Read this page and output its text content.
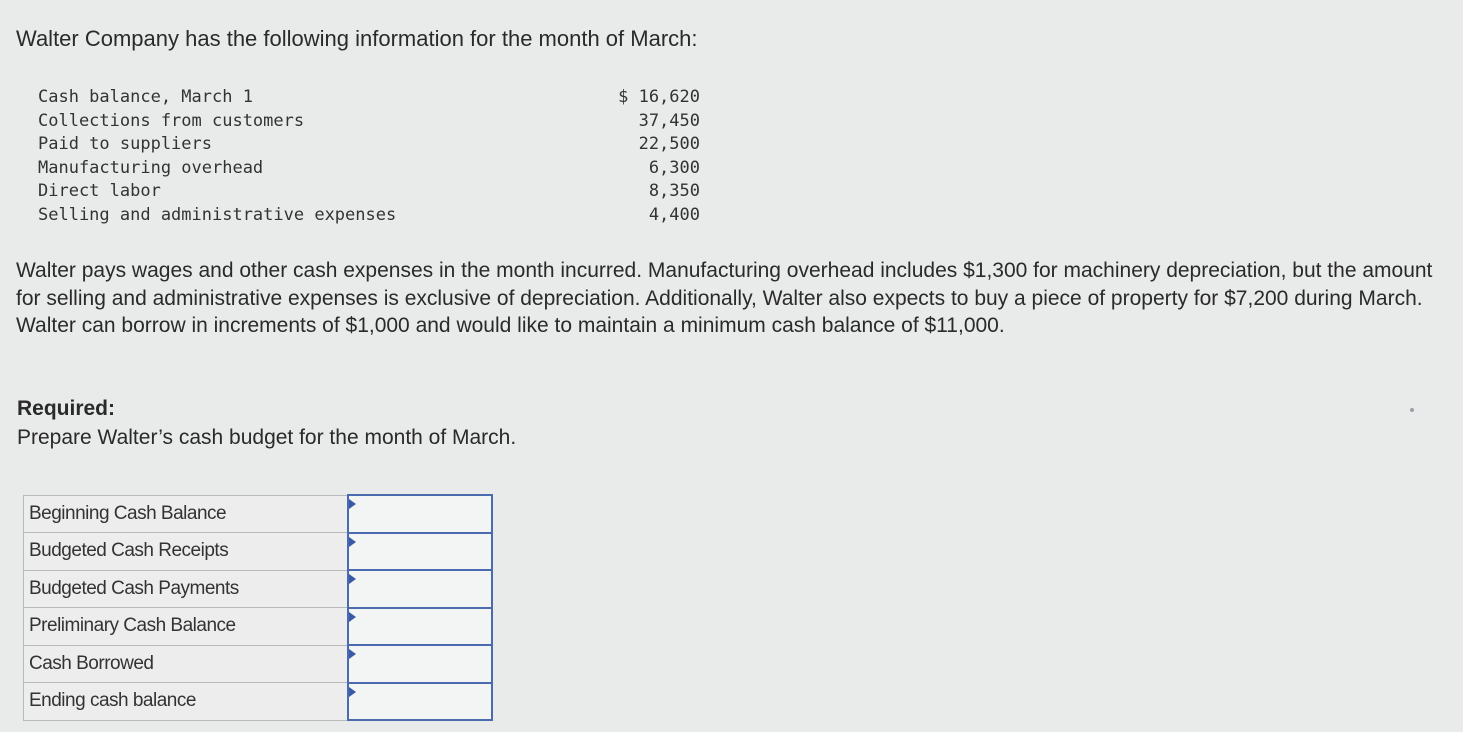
Walter Company has the following information for the month of March:
Cash balance, March 1	$ 16,620
Collections from customers	37,450
Paid to suppliers	22,500
Manufacturing overhead	6,300
Direct labor	8,350
Selling and administrative expenses	4,400
Walter pays wages and other cash expenses in the month incurred. Manufacturing overhead includes $1,300 for machinery depreciation, but the amount for selling and administrative expenses is exclusive of depreciation. Additionally, Walter also expects to buy a piece of property for $7,200 during March. Walter can borrow in increments of $1,000 and would like to maintain a minimum cash balance of $11,000.
Required:
Prepare Walter’s cash budget for the month of March.
Beginning Cash Balance	

Budgeted Cash Receipts	

Budgeted Cash Payments	

Preliminary Cash Balance	

Cash Borrowed	

Ending cash balance	
